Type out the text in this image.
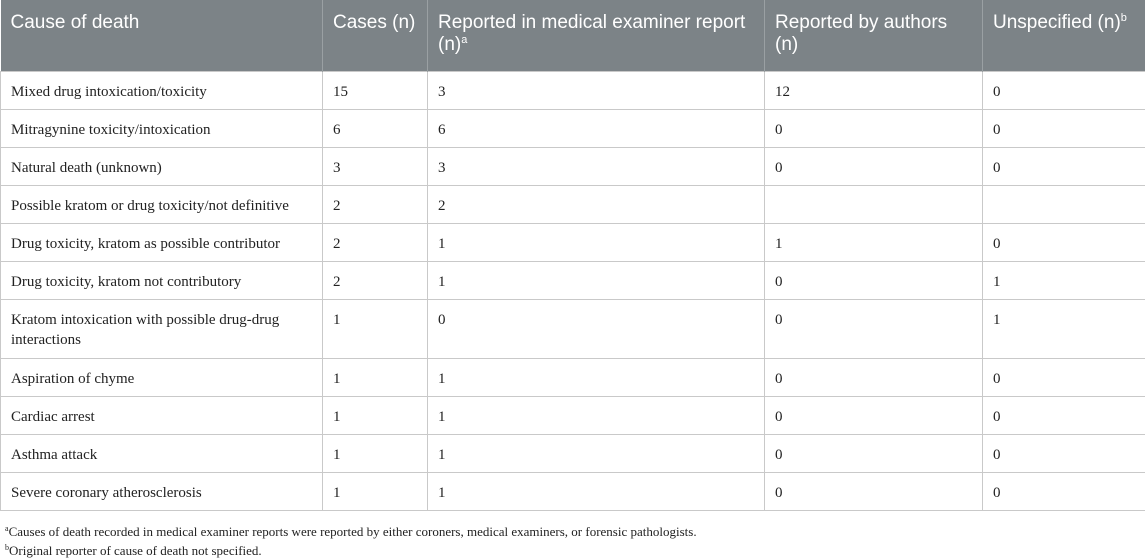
Cause of death	Cases (n)	Reported in medical examiner report $(n)^a$	Reported by authors (n)	Unspecified $(n)^b$
Mixed drug intoxication/toxicity	15	3	12	0
Mitragynine toxicity/intoxication	6	6	0	0
Natural death (unknown)	3	3	0	0
Possible kratom or drug toxicity/not definitive	2	2		
Drug toxicity, kratom as possible contributor	2	1	1	0
Drug toxicity, kratom not contributory	2	1	0	1
Kratom intoxication with possible drug-drug interactions	1	0	0	1
Aspiration of chyme	1	1	0	0
Cardiac arrest	1	1	0	0
Asthma attack	1	1	0	0
Severe coronary atherosclerosis	1	1	0	0
$^a$Causes of death recorded in medical examiner reports were reported by either coroners, medical examiners, or forensic pathologists.
$^b$Original reporter of cause of death not specified.
